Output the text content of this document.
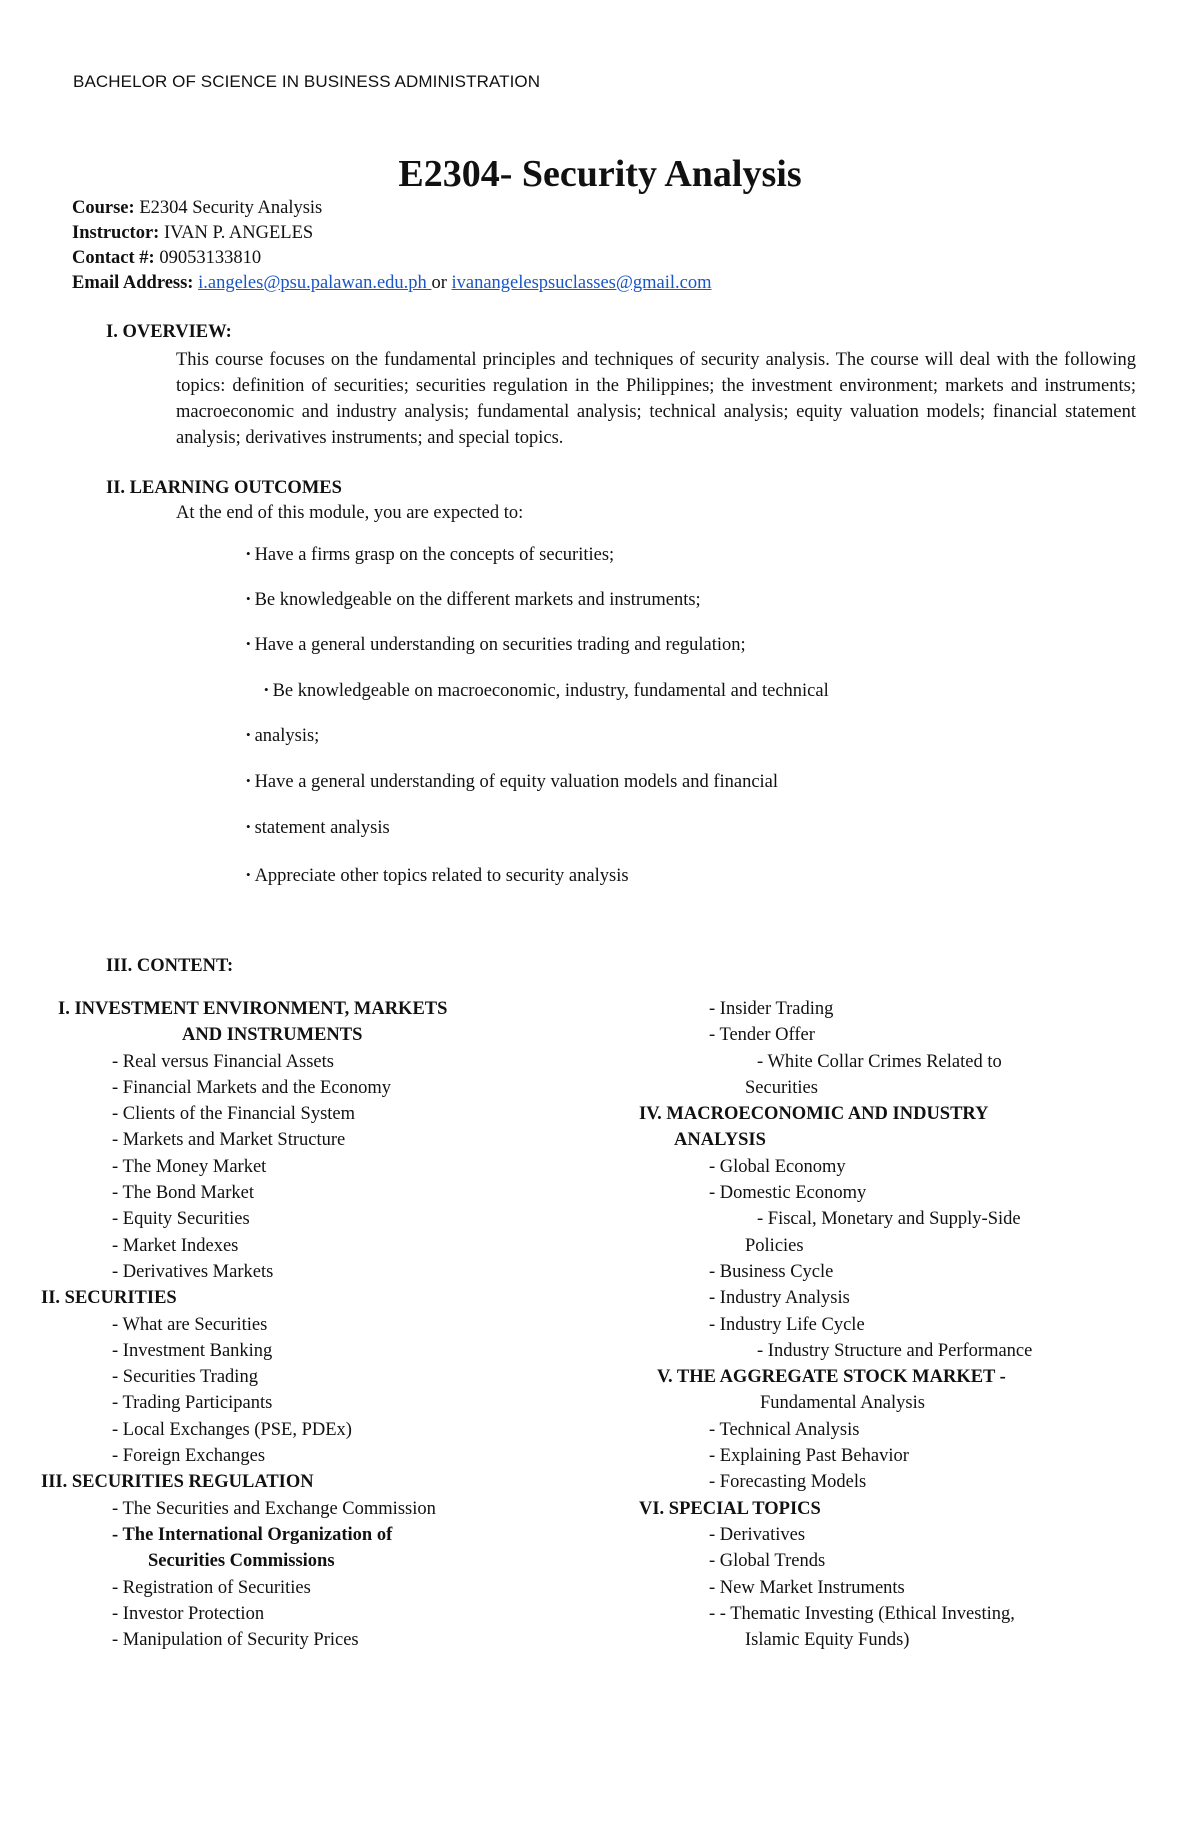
BACHELOR OF SCIENCE IN BUSINESS ADMINISTRATION
E2304- Security Analysis
Course: E2304 Security Analysis
Instructor: IVAN P. ANGELES
Contact #: 09053133810
Email Address: i.angeles@psu.palawan.edu.ph or ivanangelespsuclasses@gmail.com
I. OVERVIEW:
This course focuses on the fundamental principles and techniques of security analysis. The course will deal with the following topics: definition of securities; securities regulation in the Philippines; the investment environment; markets and instruments; macroeconomic and industry analysis; fundamental analysis; technical analysis; equity valuation models; financial statement analysis; derivatives instruments; and special topics.
II. LEARNING OUTCOMES
At the end of this module, you are expected to:
• Have a firms grasp on the concepts of securities;
• Be knowledgeable on the different markets and instruments;
• Have a general understanding on securities trading and regulation;
• Be knowledgeable on macroeconomic, industry, fundamental and technical
• analysis;
• Have a general understanding of equity valuation models and financial
• statement analysis
• Appreciate other topics related to security analysis
III. CONTENT:
I. INVESTMENT ENVIRONMENT, MARKETS
AND INSTRUMENTS
- Real versus Financial Assets
- Financial Markets and the Economy
- Clients of the Financial System
- Markets and Market Structure
- The Money Market
- The Bond Market
- Equity Securities
- Market Indexes
- Derivatives Markets
II. SECURITIES
- What are Securities
- Investment Banking
- Securities Trading
- Trading Participants
- Local Exchanges (PSE, PDEx)
- Foreign Exchanges
III. SECURITIES REGULATION
- The Securities and Exchange Commission
- The International Organization of
Securities Commissions
- Registration of Securities
- Investor Protection
- Manipulation of Security Prices
- Insider Trading
- Tender Offer
- White Collar Crimes Related to
Securities
IV. MACROECONOMIC AND INDUSTRY
ANALYSIS
- Global Economy
- Domestic Economy
- Fiscal, Monetary and Supply-Side
Policies
- Business Cycle
- Industry Analysis
- Industry Life Cycle
- Industry Structure and Performance
V. THE AGGREGATE STOCK MARKET -
Fundamental Analysis
- Technical Analysis
- Explaining Past Behavior
- Forecasting Models
VI. SPECIAL TOPICS
- Derivatives
- Global Trends
- New Market Instruments
- - Thematic Investing (Ethical Investing,
Islamic Equity Funds)
